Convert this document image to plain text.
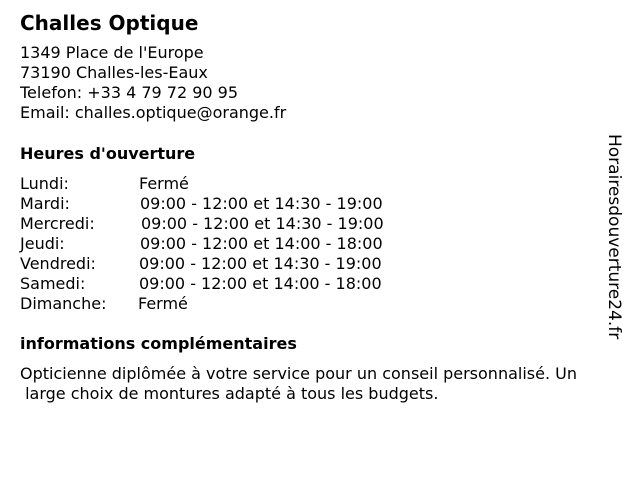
Challes Optique
1349 Place de l'Europe
73190 Challes-les-Eaux
Telefon: +33 4 79 72 90 95
Email: challes.optique@orange.fr
Heures d'ouverture
Lundi:	Fermé
Mardi:	09:00 - 12:00 et 14:30 - 19:00
Mercredi:	09:00 - 12:00 et 14:30 - 19:00
Jeudi:	09:00 - 12:00 et 14:00 - 18:00
Vendredi:	09:00 - 12:00 et 14:30 - 19:00
Samedi:	09:00 - 12:00 et 14:00 - 18:00
Dimanche: Fermé
informations complémentaires
Opticienne diplômée à votre service pour un conseil personnalisé. Un
large choix de montures adapté à tous les budgets.
Horairesdouverture24.fr
